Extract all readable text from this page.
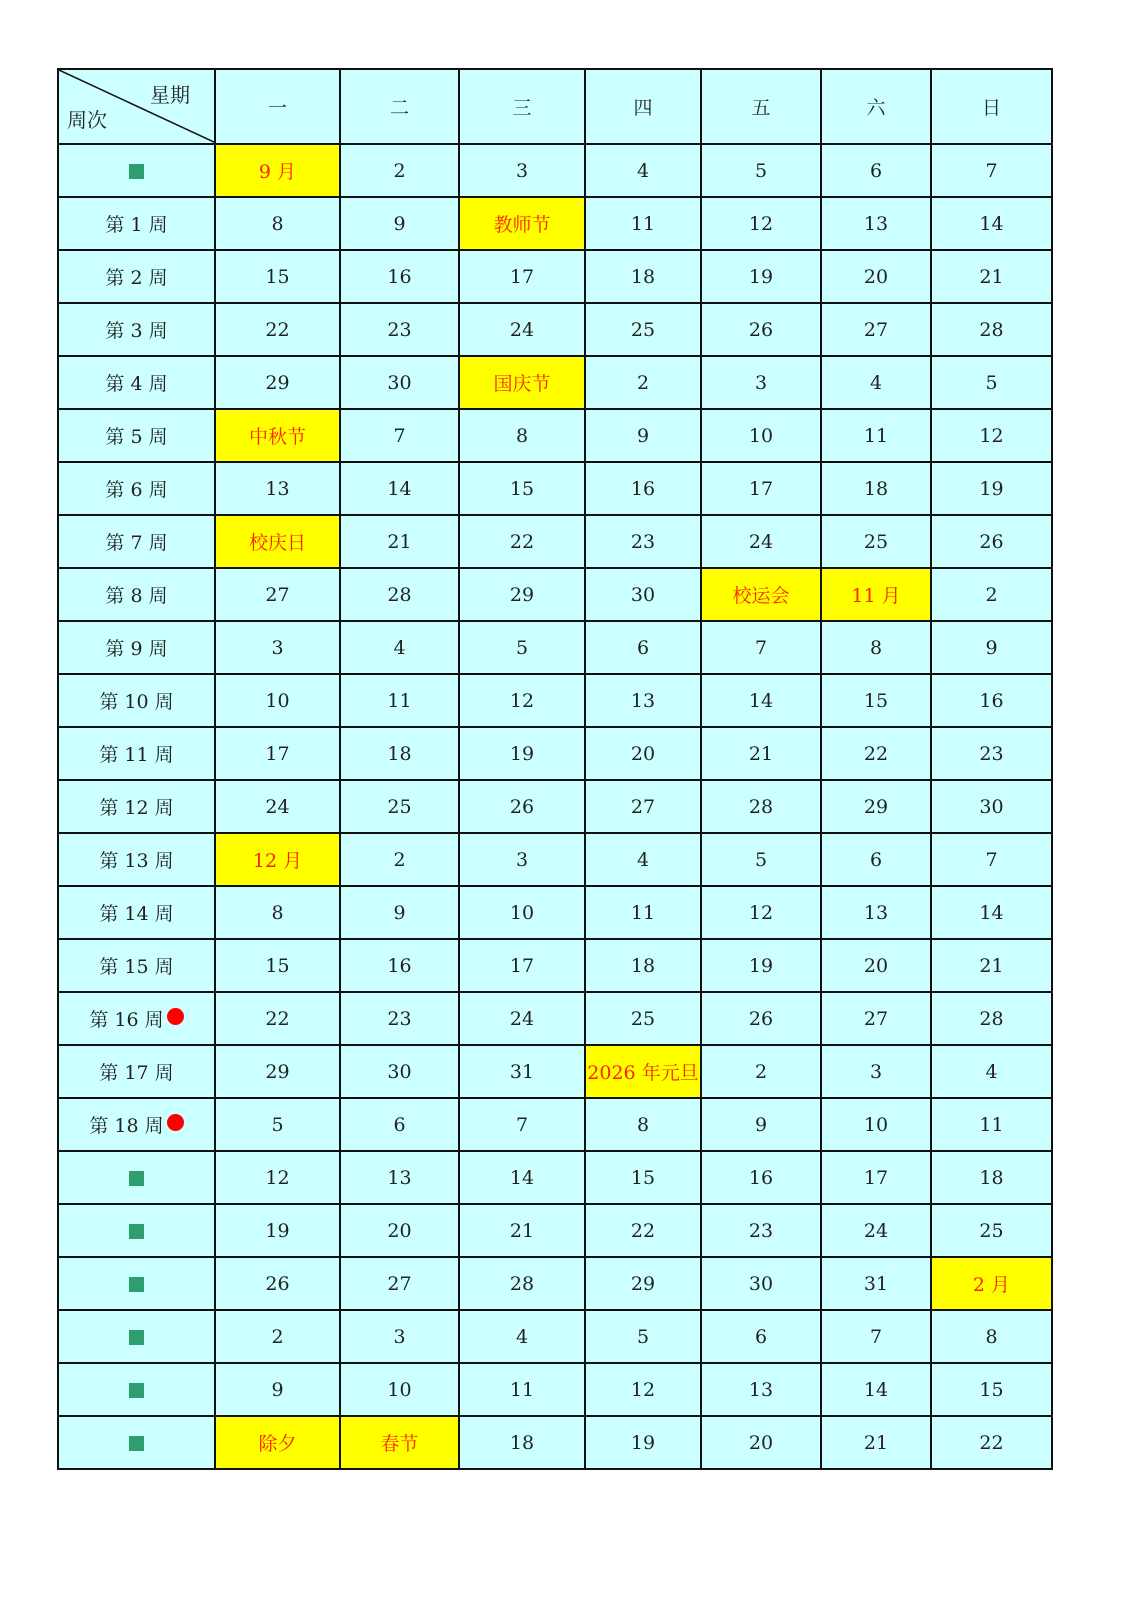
星期
周次	一	二	三	四	五	六	日
	9 月	2	3	4	5	6	7
第 1 周	8	9	教师节	11	12	13	14
第 2 周	15	16	17	18	19	20	21
第 3 周	22	23	24	25	26	27	28
第 4 周	29	30	国庆节	2	3	4	5
第 5 周	中秋节	7	8	9	10	11	12
第 6 周	13	14	15	16	17	18	19
第 7 周	校庆日	21	22	23	24	25	26
第 8 周	27	28	29	30	校运会	11 月	2
第 9 周	3	4	5	6	7	8	9
第 10 周	10	11	12	13	14	15	16
第 11 周	17	18	19	20	21	22	23
第 12 周	24	25	26	27	28	29	30
第 13 周	12 月	2	3	4	5	6	7
第 14 周	8	9	10	11	12	13	14
第 15 周	15	16	17	18	19	20	21
第 16 周	22	23	24	25	26	27	28
第 17 周	29	30	31	2026 年元旦	2	3	4
第 18 周	5	6	7	8	9	10	11
	12	13	14	15	16	17	18
	19	20	21	22	23	24	25
	26	27	28	29	30	31	2 月
	2	3	4	5	6	7	8
	9	10	11	12	13	14	15
	除夕	春节	18	19	20	21	22
